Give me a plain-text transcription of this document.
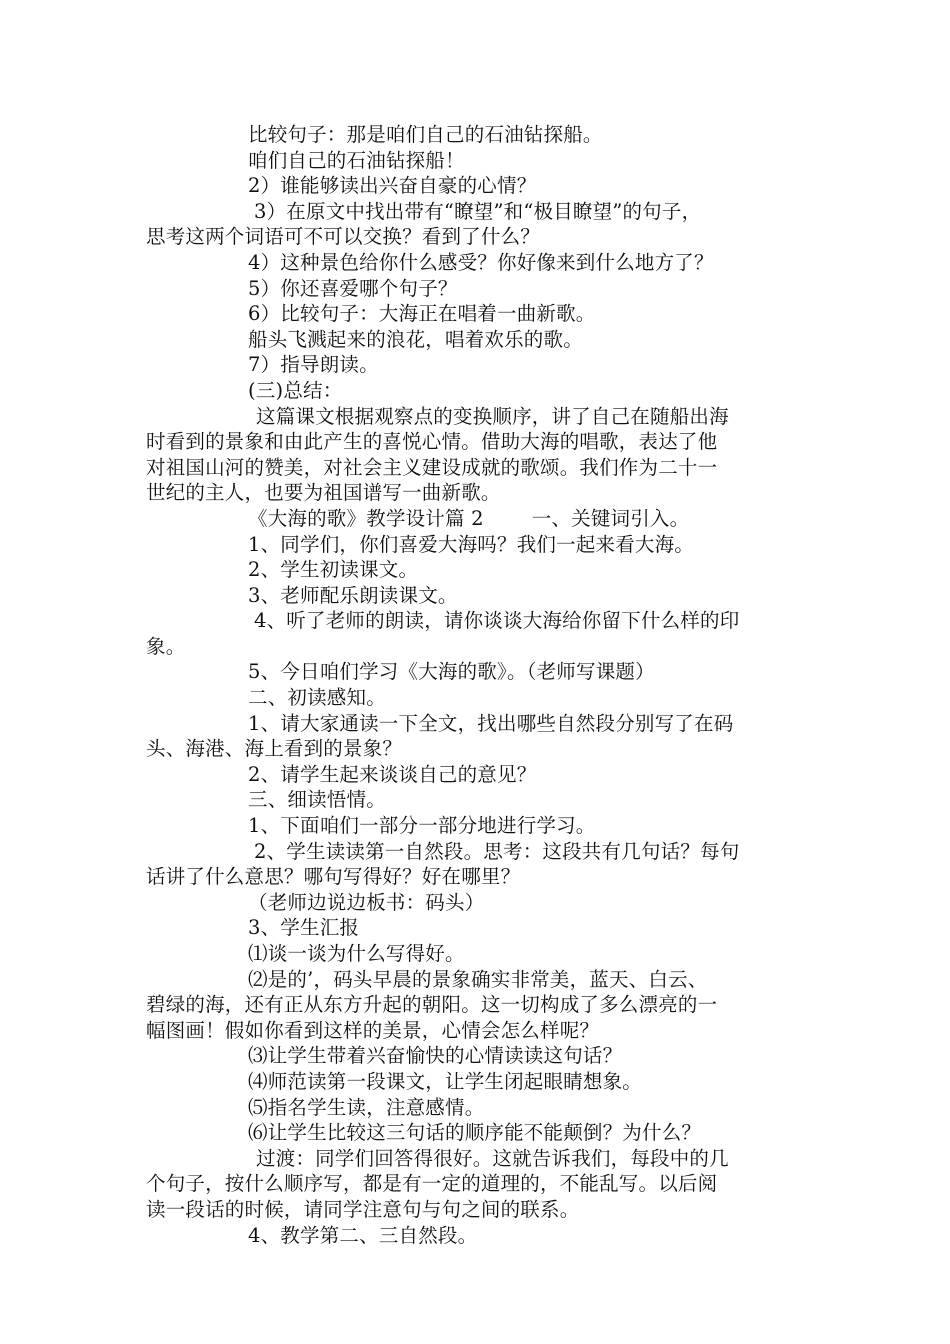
比较句子：那是咱们自己的石油钻探船。
咱们自己的石油钻探船！
2）谁能够读出兴奋自豪的心情？
3）在原文中找出带有“瞭望”和“极目瞭望”的句子，
思考这两个词语可不可以交换？看到了什么？
4）这种景色给你什么感受？你好像来到什么地方了？
5）你还喜爱哪个句子？
6）比较句子：大海正在唱着一曲新歌。
船头飞溅起来的浪花，唱着欢乐的歌。
7）指导朗读。
(三)总结：
这篇课文根据观察点的变换顺序，讲了自己在随船出海
时看到的景象和由此产生的喜悦心情。借助大海的唱歌，表达了他
对祖国山河的赞美，对社会主义建设成就的歌颂。我们作为二十一
世纪的主人，也要为祖国谱写一曲新歌。
《大海的歌》教学设计篇 2 一、关键词引入。
1、同学们，你们喜爱大海吗？我们一起来看大海。
2、学生初读课文。
3、老师配乐朗读课文。
4、听了老师的朗读，请你谈谈大海给你留下什么样的印
象。
5、今日咱们学习《大海的歌》。（老师写课题）
二、初读感知。
1、请大家通读一下全文，找出哪些自然段分别写了在码
头、海港、海上看到的景象？
2、请学生起来谈谈自己的意见？
三、细读悟情。
1、下面咱们一部分一部分地进行学习。
2、学生读读第一自然段。思考：这段共有几句话？每句
话讲了什么意思？哪句写得好？好在哪里？
（老师边说边板书：码头）
3、学生汇报
⑴谈一谈为什么写得好。
⑵是的’，码头早晨的景象确实非常美，蓝天、白云、
碧绿的海，还有正从东方升起的朝阳。这一切构成了多么漂亮的一
幅图画！假如你看到这样的美景，心情会怎么样呢？
⑶让学生带着兴奋愉快的心情读读这句话？
⑷师范读第一段课文，让学生闭起眼睛想象。
⑸指名学生读，注意感情。
⑹让学生比较这三句话的顺序能不能颠倒？为什么？
过渡：同学们回答得很好。这就告诉我们，每段中的几
个句子，按什么顺序写，都是有一定的道理的，不能乱写。以后阅
读一段话的时候，请同学注意句与句之间的联系。
4、教学第二、三自然段。
